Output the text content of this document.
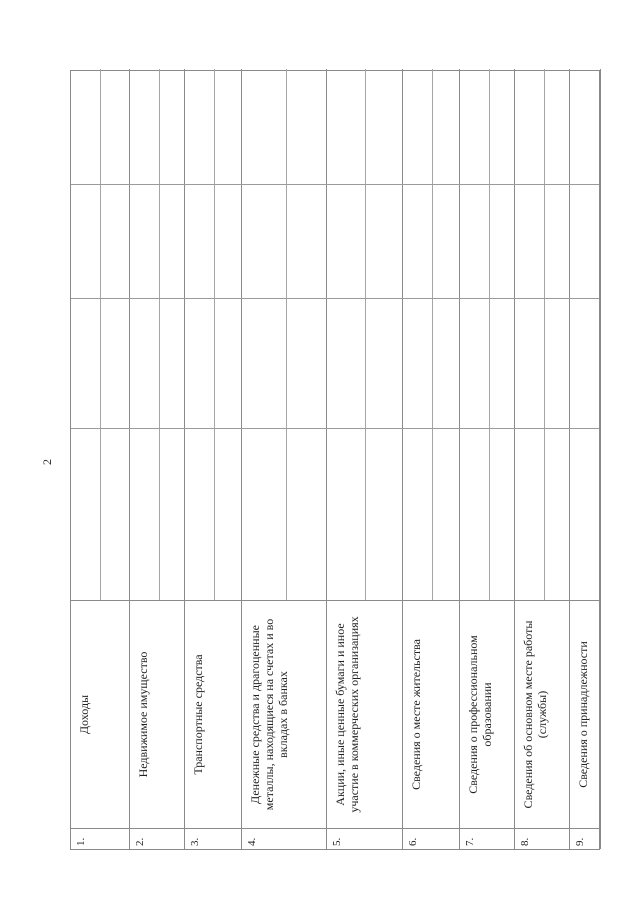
2
1.
Доходы
2.
Недвижимое имущество
3.
Транспортные средства
4.
Денежные средства и драгоценные металлы, находящиеся на счетах и во вкладах в банках
5.
Акции, иные ценные бумаги и иное участие в коммерческих организациях
6.
Сведения о месте жительства
7.
Сведения о профессиональном образовании
8.
Сведения об основном месте работы (службы)
9.
Сведения о принадлежности
